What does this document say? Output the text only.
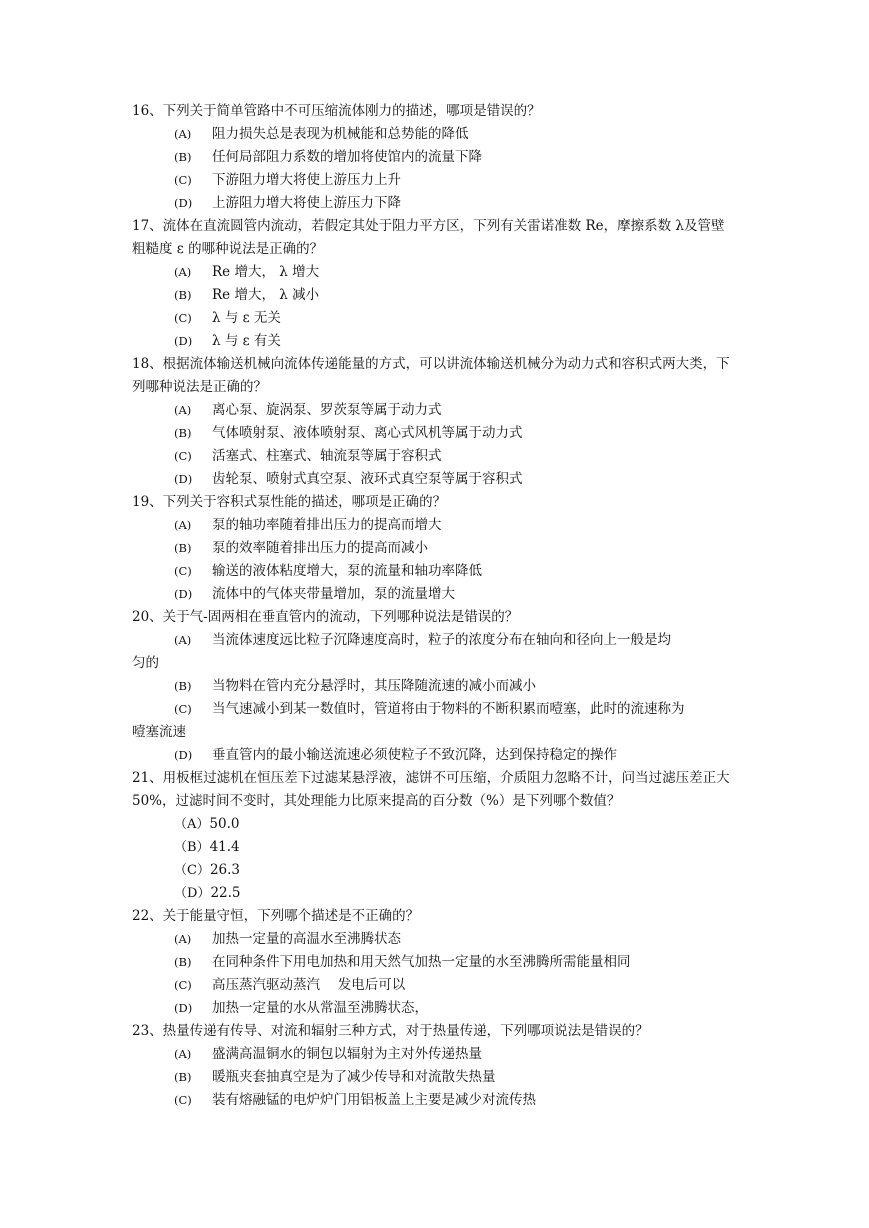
16、下列关于简单管路中不可压缩流体刚力的描述，哪项是错误的？
(A) 阻力损失总是表现为机械能和总势能的降低
(B) 任何局部阻力系数的增加将使馆内的流量下降
(C) 下游阻力增大将使上游压力上升
(D) 上游阻力增大将使上游压力下降
17、流体在直流圆管内流动，若假定其处于阻力平方区，下列有关雷诺准数 Re，摩擦系数 λ及管壁粗糙度 ε 的哪种说法是正确的？
(A) Re 增大， λ 增大
(B) Re 增大， λ 减小
(C) λ 与 ε 无关
(D) λ 与 ε 有关
18、根据流体输送机械向流体传递能量的方式，可以讲流体输送机械分为动力式和容积式两大类，下列哪种说法是正确的？
(A) 离心泵、旋涡泵、罗茨泵等属于动力式
(B) 气体喷射泵、液体喷射泵、离心式风机等属于动力式
(C) 活塞式、柱塞式、轴流泵等属于容积式
(D) 齿轮泵、喷射式真空泵、液环式真空泵等属于容积式
19、下列关于容积式泵性能的描述，哪项是正确的？
(A) 泵的轴功率随着排出压力的提高而增大
(B) 泵的效率随着排出压力的提高而减小
(C) 输送的液体粘度增大，泵的流量和轴功率降低
(D) 流体中的气体夹带量增加，泵的流量增大
20、关于气-固两相在垂直管内的流动，下列哪种说法是错误的？
(A) 当流体速度远比粒子沉降速度高时，粒子的浓度分布在轴向和径向上一般是均
匀的
(B) 当物料在管内充分悬浮时，其压降随流速的减小而减小
(C) 当气速减小到某一数值时，管道将由于物料的不断积累而噎塞，此时的流速称为
噎塞流速
(D) 垂直管内的最小输送流速必须使粒子不致沉降，达到保持稳定的操作
21、用板框过滤机在恒压差下过滤某悬浮液，滤饼不可压缩，介质阻力忽略不计，问当过滤压差正大 50%，过滤时间不变时，其处理能力比原来提高的百分数（%）是下列哪个数值？
（A）50.0
（B）41.4
（C）26.3
（D）22.5
22、关于能量守恒，下列哪个描述是不正确的？
(A) 加热一定量的高温水至沸腾状态
(B) 在同种条件下用电加热和用天然气加热一定量的水至沸腾所需能量相同
(C) 高压蒸汽驱动蒸汽　 发电后可以
(D) 加热一定量的水从常温至沸腾状态，
23、热量传递有传导、对流和辐射三种方式，对于热量传递，下列哪项说法是错误的？
(A) 盛满高温铜水的铜包以辐射为主对外传递热量
(B) 暖瓶夹套抽真空是为了减少传导和对流散失热量
(C) 装有熔融锰的电炉炉门用铝板盖上主要是减少对流传热
